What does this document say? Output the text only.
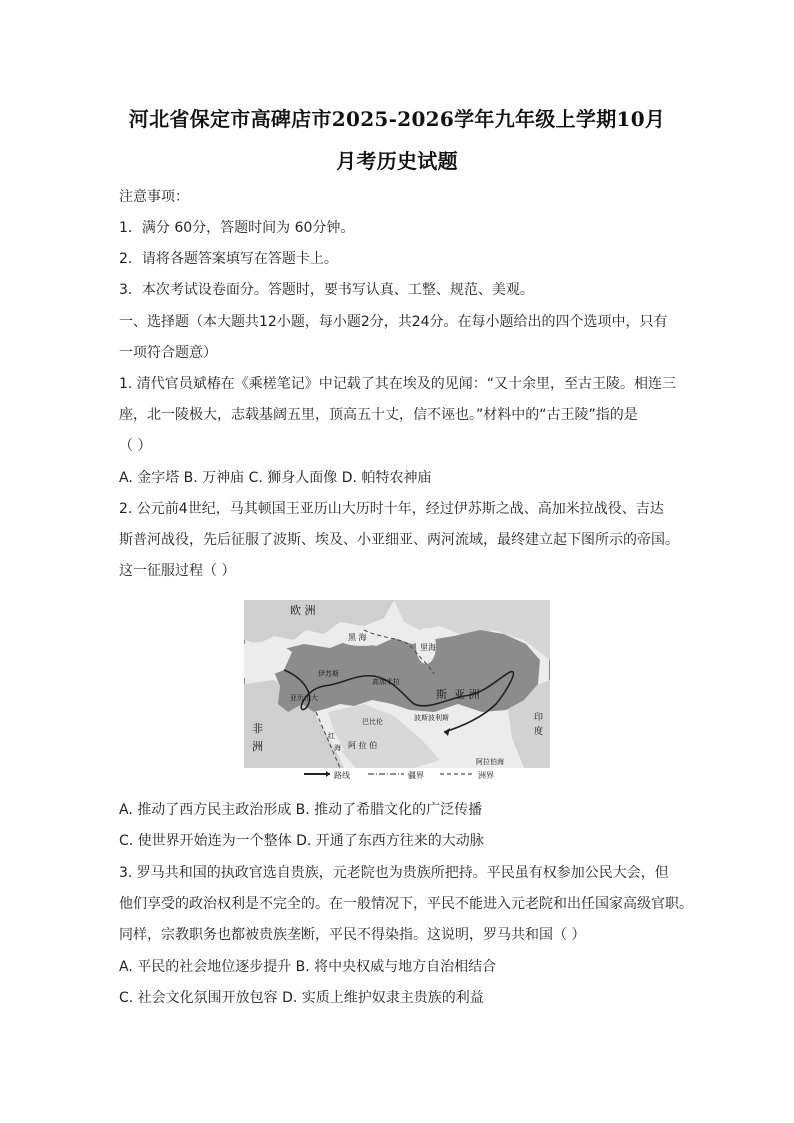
河北省保定市高碑店市2025-2026学年九年级上学期10月
月考历史试题
注意事项：
1．满分 60分，答题时间为 60分钟。
2．请将各题答案填写在答题卡上。
3．本次考试设卷面分。答题时，要书写认真、工整、规范、美观。
一、选择题（本大题共12小题，每小题2分，共24分。在每小题给出的四个选项中，只有
一项符合题意）
1. 清代官员斌椿在《乘槎笔记》中记载了其在埃及的见闻：“又十余里，至古王陵。相连三
座，北一陵极大，志载基阔五里，顶高五十丈，信不诬也。”材料中的“古王陵”指的是
（ ）
A. 金字塔 B. 万神庙 C. 狮身人面像 D. 帕特农神庙
2. 公元前4世纪，马其顿国王亚历山大历时十年，经过伊苏斯之战、高加米拉战役、吉达
斯普河战役，先后征服了波斯、埃及、小亚细亚、两河流域，最终建立起下图所示的帝国。
这一征服过程（ ）
欧 洲
黑 海
里海
斯 亚 洲
非
洲	阿 拉 伯
印
度
巴比伦	波斯波利斯
亚历山大
高加米拉
伊苏斯
阿拉伯海
红
海
路线	疆界	洲界
A. 推动了西方民主政治形成 B. 推动了希腊文化的广泛传播
C. 使世界开始连为一个整体 D. 开通了东西方往来的大动脉
3. 罗马共和国的执政官选自贵族，元老院也为贵族所把持。平民虽有权参加公民大会，但
他们享受的政治权利是不完全的。在一般情况下，平民不能进入元老院和出任国家高级官职。
同样，宗教职务也都被贵族垄断，平民不得染指。这说明，罗马共和国（ ）
A. 平民的社会地位逐步提升 B. 将中央权威与地方自治相结合
C. 社会文化氛围开放包容 D. 实质上维护奴隶主贵族的利益
